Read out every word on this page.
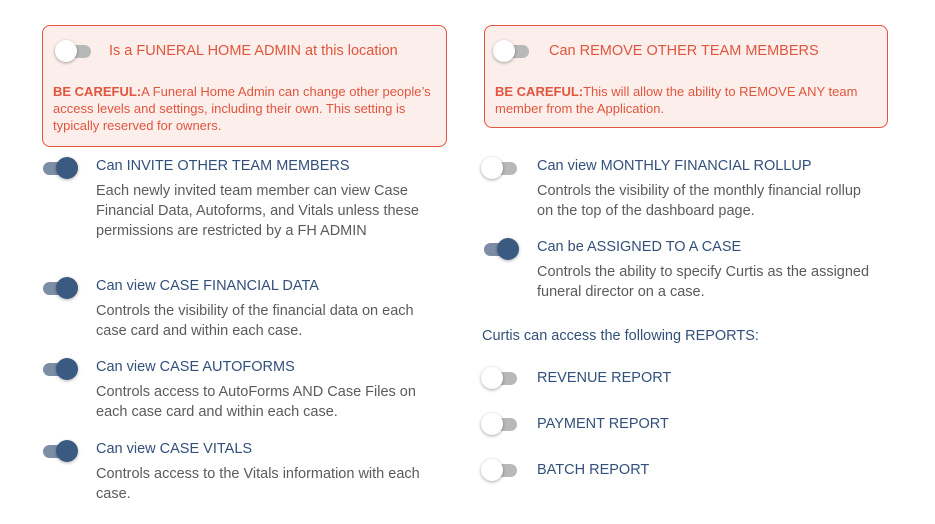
Is a FUNERAL HOME ADMIN at this location
BE CAREFUL:A Funeral Home Admin can change other people’s access levels and settings, including their own. This setting is typically reserved for owners.
Can INVITE OTHER TEAM MEMBERS
Each newly invited team member can view Case Financial Data, Autoforms, and Vitals unless these permissions are restricted by a FH ADMIN
Can view CASE FINANCIAL DATA
Controls the visibility of the financial data on each case card and within each case.
Can view CASE AUTOFORMS
Controls access to AutoForms AND Case Files on each case card and within each case.
Can view CASE VITALS
Controls access to the Vitals information with each case.
Can REMOVE OTHER TEAM MEMBERS
BE CAREFUL:This will allow the ability to REMOVE ANY team member from the Application.
Can view MONTHLY FINANCIAL ROLLUP
Controls the visibility of the monthly financial rollup on the top of the dashboard page.
Can be ASSIGNED TO A CASE
Controls the ability to specify Curtis as the assigned funeral director on a case.
Curtis can access the following REPORTS:
REVENUE REPORT
PAYMENT REPORT
BATCH REPORT
